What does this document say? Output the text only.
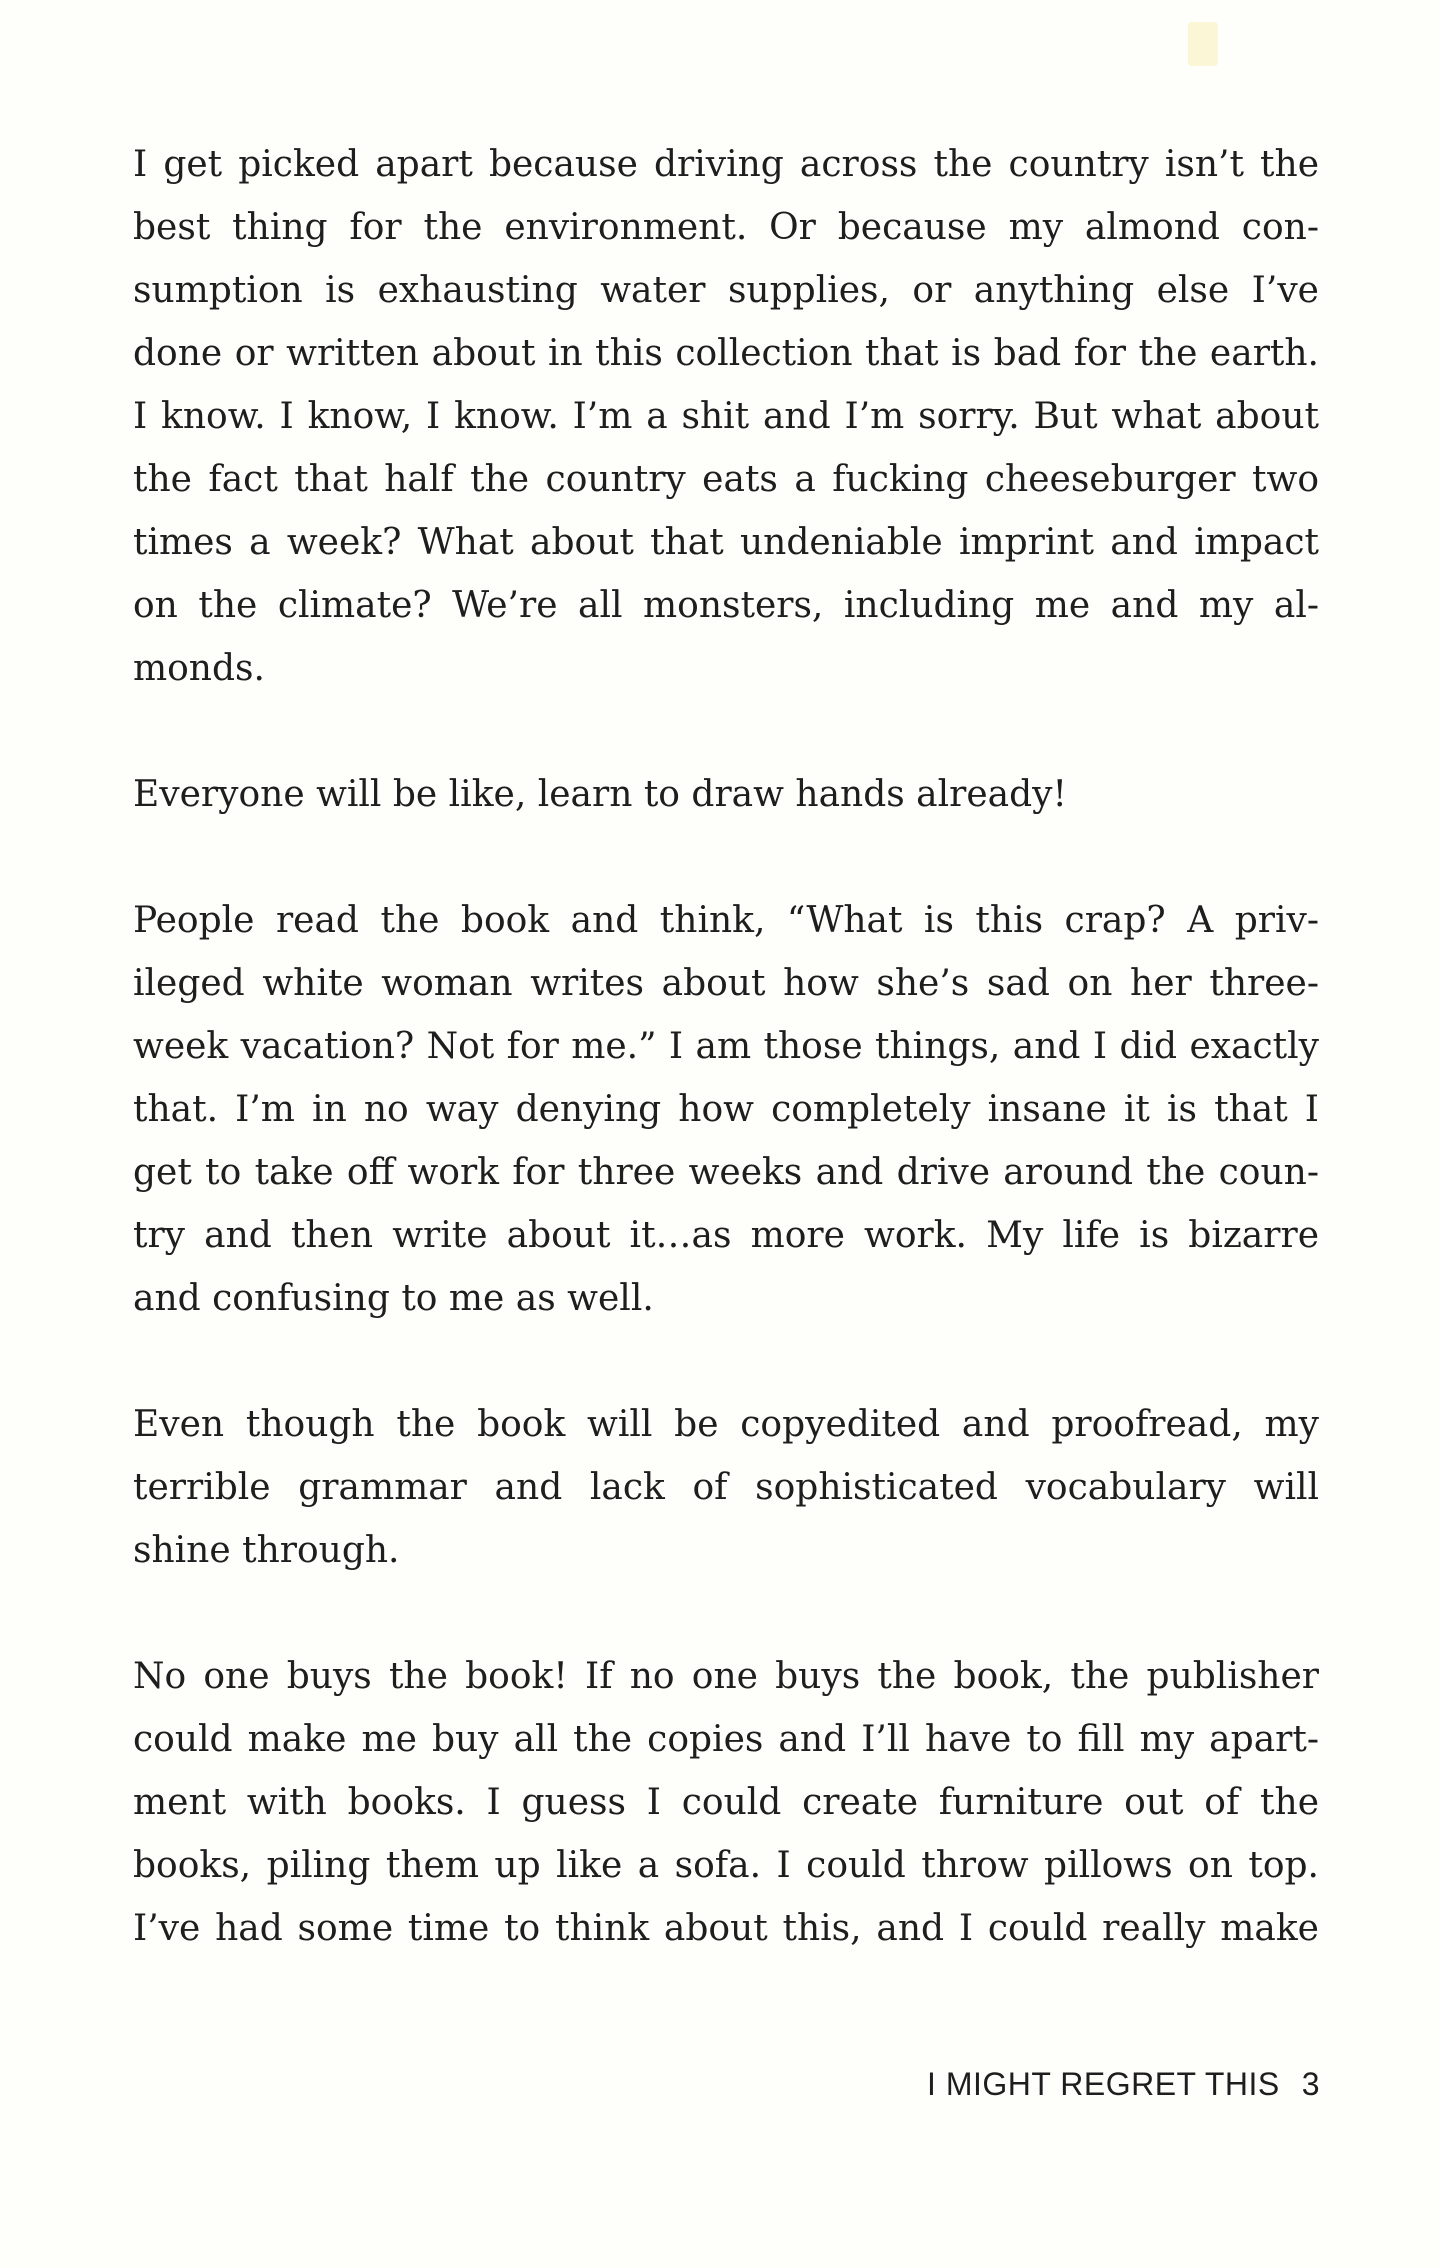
I get picked apart because driving across the country isn’t the
best thing for the environment. Or because my almond con-
sumption is exhausting water supplies, or anything else I’ve
done or written about in this collection that is bad for the earth.
I know. I know, I know. I’m a shit and I’m sorry. But what about
the fact that half the country eats a fucking cheeseburger two
times a week? What about that undeniable imprint and impact
on the climate? We’re all monsters, including me and my al-
monds.
Everyone will be like, learn to draw hands already!
People read the book and think, “What is this crap? A priv-
ileged white woman writes about how she’s sad on her three-
week vacation? Not for me.” I am those things, and I did exactly
that. I’m in no way denying how completely insane it is that I
get to take off work for three weeks and drive around the coun-
try and then write about it…as more work. My life is bizarre
and confusing to me as well.
Even though the book will be copyedited and proofread, my
terrible grammar and lack of sophisticated vocabulary will
shine through.
No one buys the book! If no one buys the book, the publisher
could make me buy all the copies and I’ll have to fill my apart-
ment with books. I guess I could create furniture out of the
books, piling them up like a sofa. I could throw pillows on top.
I’ve had some time to think about this, and I could really make
I MIGHT REGRET THIS 3
